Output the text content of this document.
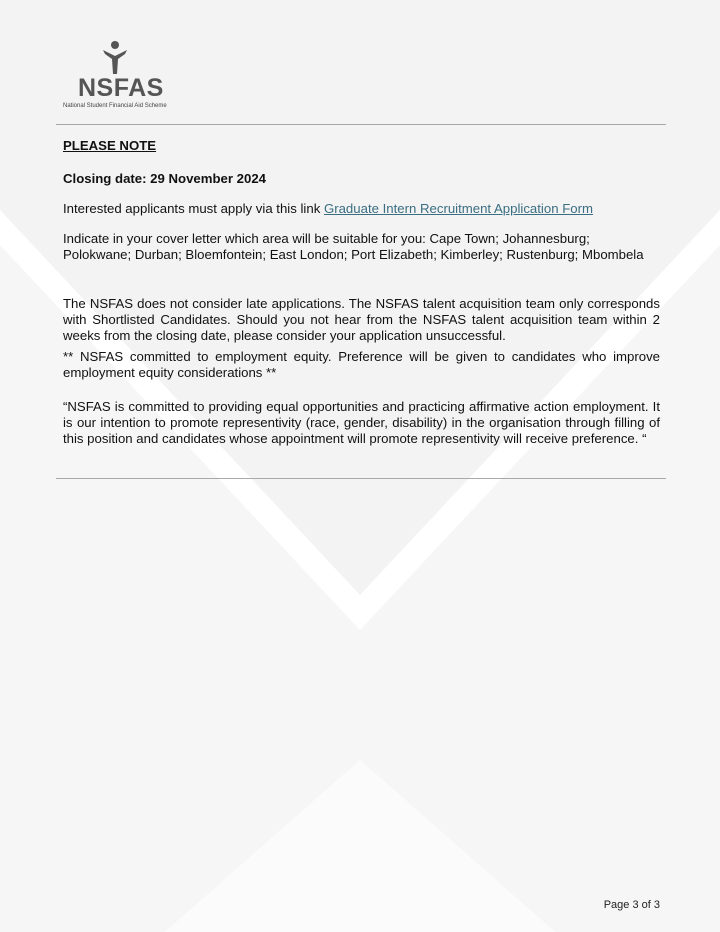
NSFAS
National Student Financial Aid Scheme

PLEASE NOTE

Closing date: 29 November 2024

Interested applicants must apply via this link Graduate Intern Recruitment Application Form

Indicate in your cover letter which area will be suitable for you: Cape Town; Johannesburg; Polokwane; Durban; Bloemfontein; East London; Port Elizabeth; Kimberley; Rustenburg; Mbombela

The NSFAS does not consider late applications. The NSFAS talent acquisition team only corresponds with Shortlisted Candidates. Should you not hear from the NSFAS talent acquisition team within 2 weeks from the closing date, please consider your application unsuccessful.

** NSFAS committed to employment equity. Preference will be given to candidates who improve employment equity considerations **

“NSFAS is committed to providing equal opportunities and practicing affirmative action employment. It is our intention to promote representivity (race, gender, disability) in the organisation through filling of this position and candidates whose appointment will promote representivity will receive preference. “

Page 3 of 3
